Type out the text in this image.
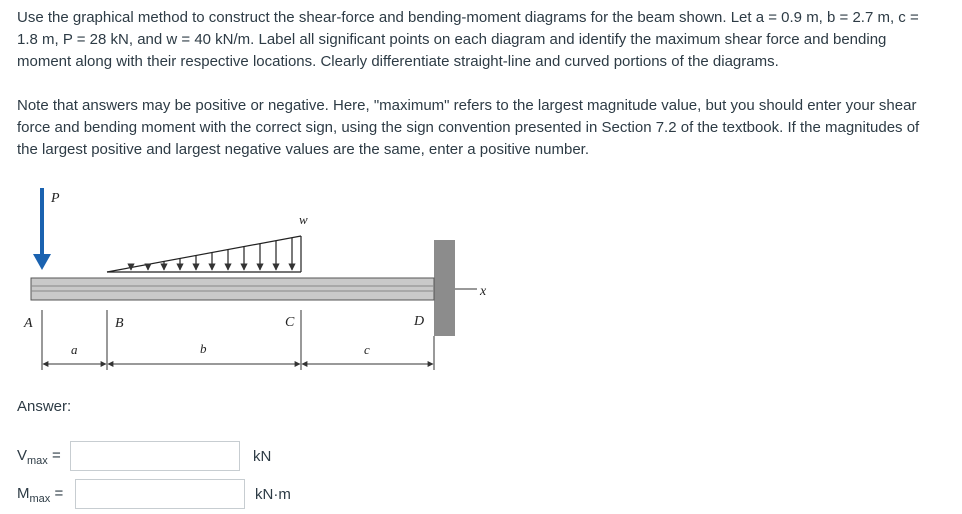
Use the graphical method to construct the shear-force and bending-moment diagrams for the beam shown. Let a = 0.9 m, b = 2.7 m, c = 1.8 m, P = 28 kN, and w = 40 kN/m. Label all significant points on each diagram and identify the maximum shear force and bending moment along with their respective locations. Clearly differentiate straight-line and curved portions of the diagrams.

Note that answers may be positive or negative. Here, "maximum" refers to the largest magnitude value, but you should enter your shear force and bending moment with the correct sign, using the sign convention presented in Section 7.2 of the textbook. If the magnitudes of the largest positive and largest negative values are the same, enter a positive number.

x
P
w
A	B	C	D
a	b	c
Answer:
$V_{max}$ =	kN
$M_{max}$ =	kN·m
